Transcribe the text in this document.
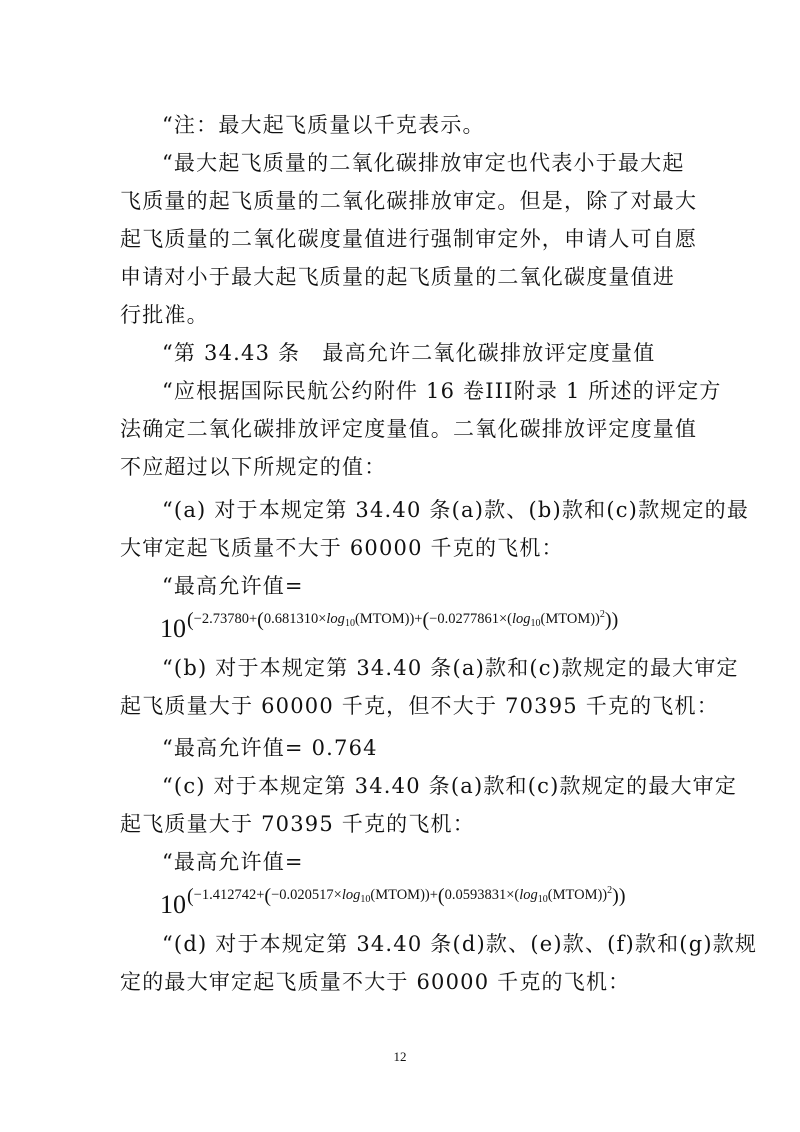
“注：最大起飞质量以千克表示。
“最大起飞质量的二氧化碳排放审定也代表小于最大起
飞质量的起飞质量的二氧化碳排放审定。但是，除了对最大
起飞质量的二氧化碳度量值进行强制审定外，申请人可自愿
申请对小于最大起飞质量的起飞质量的二氧化碳度量值进
行批准。
“第 34.43 条　最高允许二氧化碳排放评定度量值
“应根据国际民航公约附件 16 卷III附录 1 所述的评定方
法确定二氧化碳排放评定度量值。二氧化碳排放评定度量值
不应超过以下所规定的值：
“(a) 对于本规定第 34.40 条(a)款、(b)款和(c)款规定的最
大审定起飞质量不大于 60000 千克的飞机：
“最高允许值=
10 $(-2.73780+(0.681310\times\log_{10}(MTOM))+(-0.0277861\times(\log_{10}(MTOM))^2))$
“(b) 对于本规定第 34.40 条(a)款和(c)款规定的最大审定
起飞质量大于 60000 千克，但不大于 70395 千克的飞机：
“最高允许值= 0.764
“(c) 对于本规定第 34.40 条(a)款和(c)款规定的最大审定
起飞质量大于 70395 千克的飞机：
“最高允许值=
10 $(-1.412742+(-0.020517\times\log_{10}(MTOM))+(0.0593831\times(\log_{10}(MTOM))^2))$
“(d) 对于本规定第 34.40 条(d)款、(e)款、(f)款和(g)款规
定的最大审定起飞质量不大于 60000 千克的飞机：
12
